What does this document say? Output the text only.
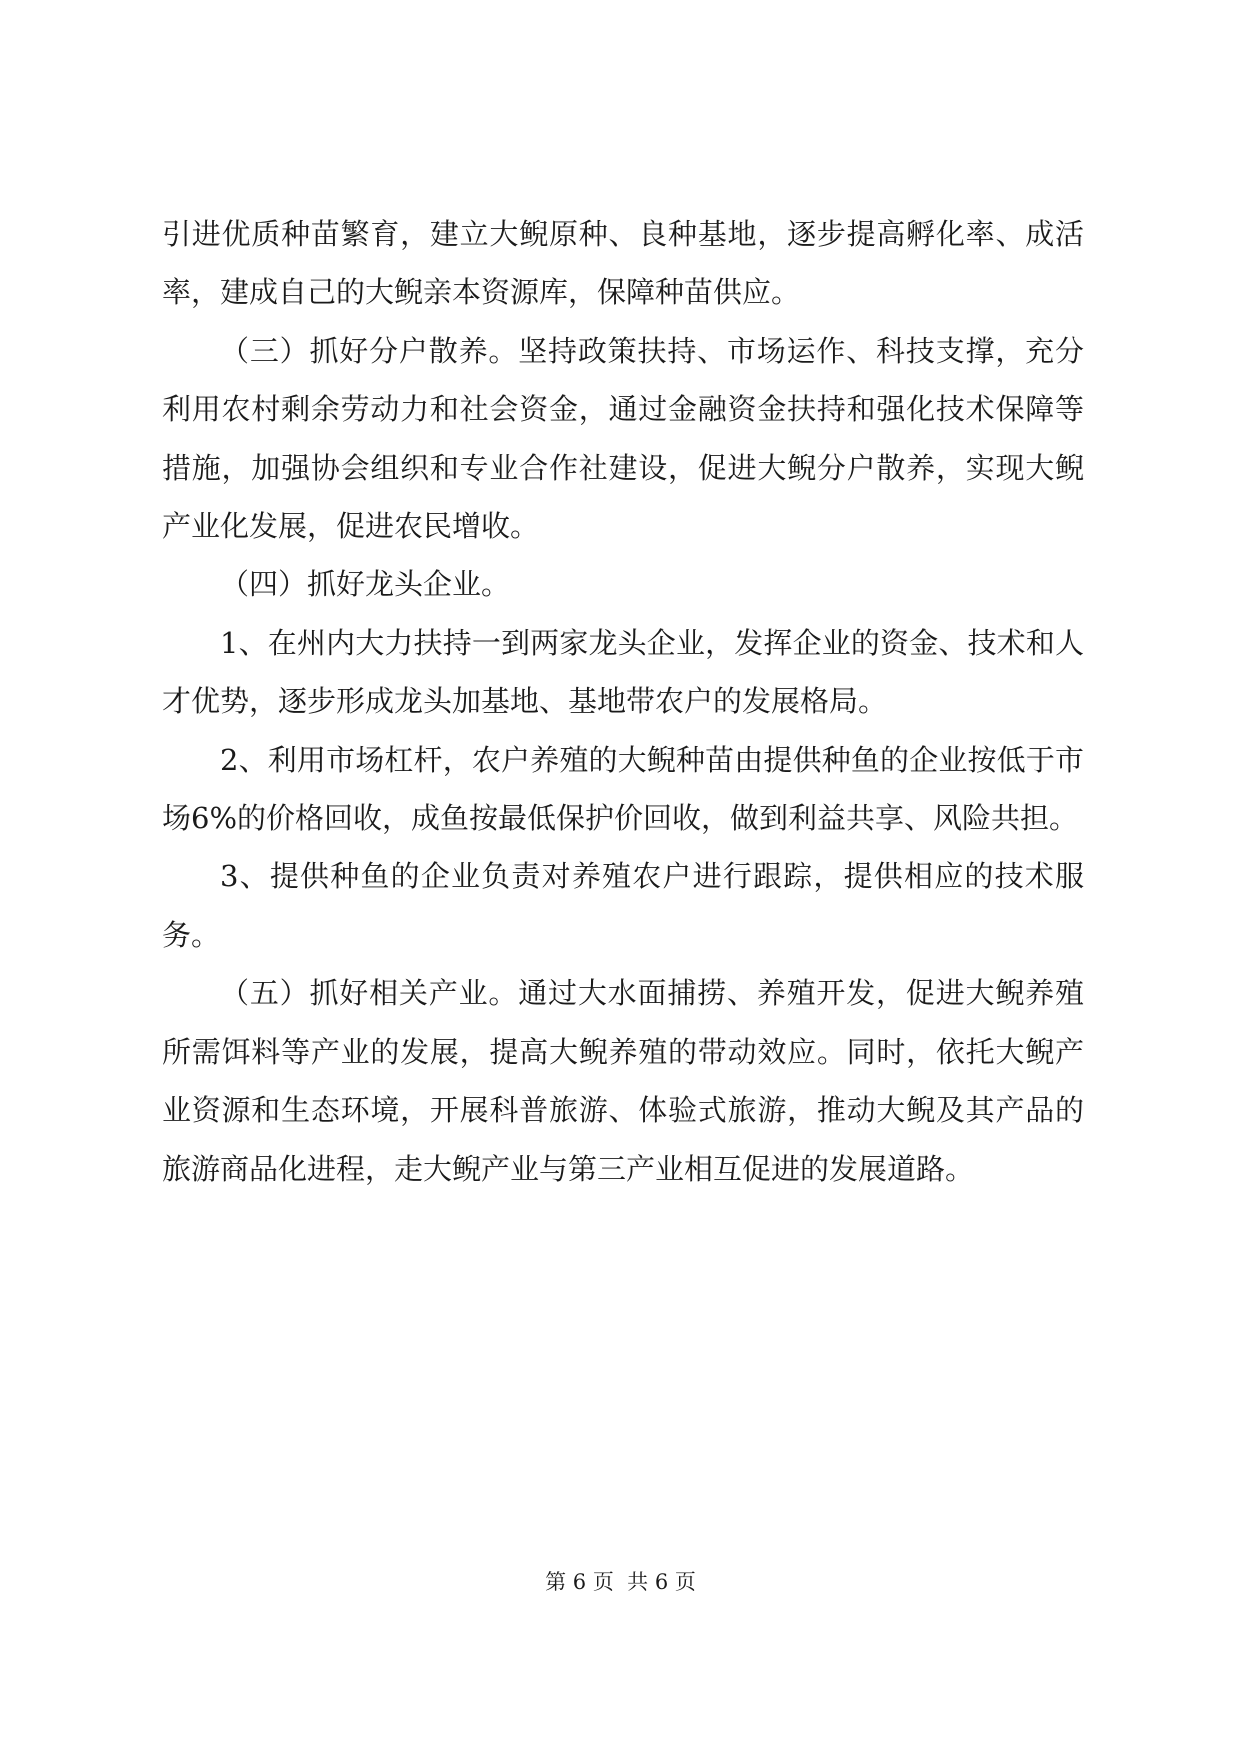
引进优质种苗繁育，建立大鲵原种、良种基地，逐步提高孵化率、成活率，建成自己的大鲵亲本资源库，保障种苗供应。

（三）抓好分户散养。坚持政策扶持、市场运作、科技支撑，充分利用农村剩余劳动力和社会资金，通过金融资金扶持和强化技术保障等措施，加强协会组织和专业合作社建设，促进大鲵分户散养，实现大鲵产业化发展，促进农民增收。

（四）抓好龙头企业。

1、在州内大力扶持一到两家龙头企业，发挥企业的资金、技术和人才优势，逐步形成龙头加基地、基地带农户的发展格局。

2、利用市场杠杆，农户养殖的大鲵种苗由提供种鱼的企业按低于市场6%的价格回收，成鱼按最低保护价回收，做到利益共享、风险共担。

3、提供种鱼的企业负责对养殖农户进行跟踪，提供相应的技术服务。

（五）抓好相关产业。通过大水面捕捞、养殖开发，促进大鲵养殖所需饵料等产业的发展，提高大鲵养殖的带动效应。同时，依托大鲵产业资源和生态环境，开展科普旅游、体验式旅游，推动大鲵及其产品的旅游商品化进程，走大鲵产业与第三产业相互促进的发展道路。

第 6 页  共 6 页
